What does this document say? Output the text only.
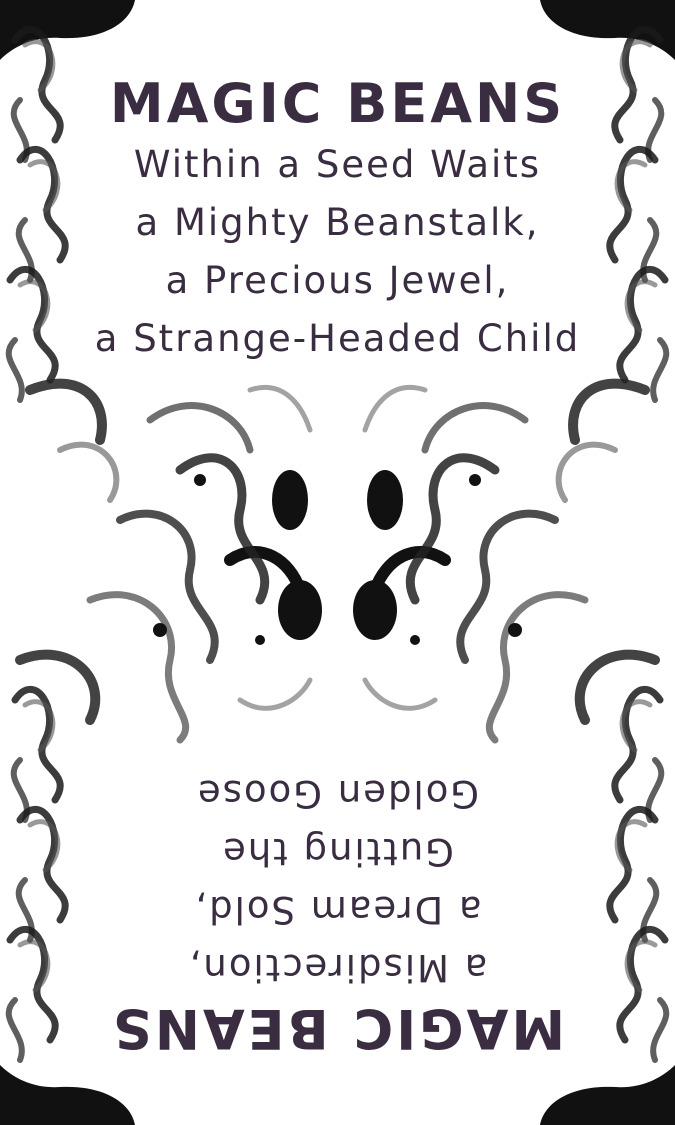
MAGIC BEANS

Within a Seed Waits

a Mighty Beanstalk,

a Precious Jewel,

a Strange-Headed Child

MAGIC BEANS

a Misdirection,

a Dream Sold,

Gutting the

Golden Goose
